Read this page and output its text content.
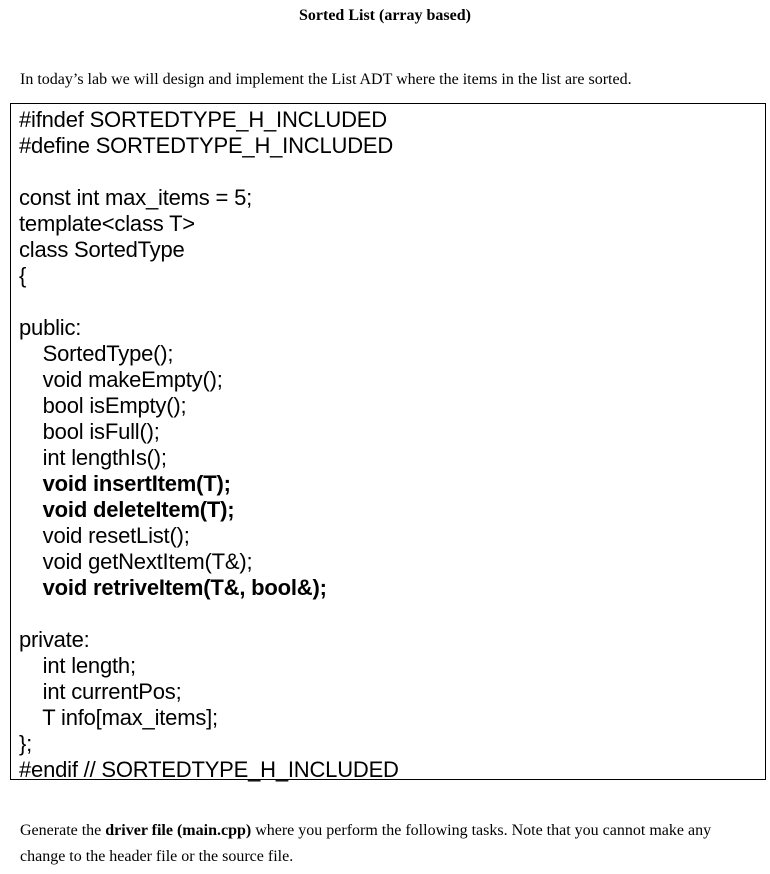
Sorted List (array based)
In today’s lab we will design and implement the List ADT where the items in the list are sorted.
#ifndef SORTEDTYPE_H_INCLUDED
#define SORTEDTYPE_H_INCLUDED
const int max_items = 5;
template<class T>
class SortedType
{
public:
SortedType();
void makeEmpty();
bool isEmpty();
bool isFull();
int lengthIs();
void insertItem(T);
void deleteItem(T);
void resetList();
void getNextItem(T&);
void retriveItem(T&, bool&);
private:
int length;
int currentPos;
T info[max_items];
};
#endif // SORTEDTYPE_H_INCLUDED
Generate the driver file (main.cpp) where you perform the following tasks. Note that you cannot make any change to the header file or the source file.
